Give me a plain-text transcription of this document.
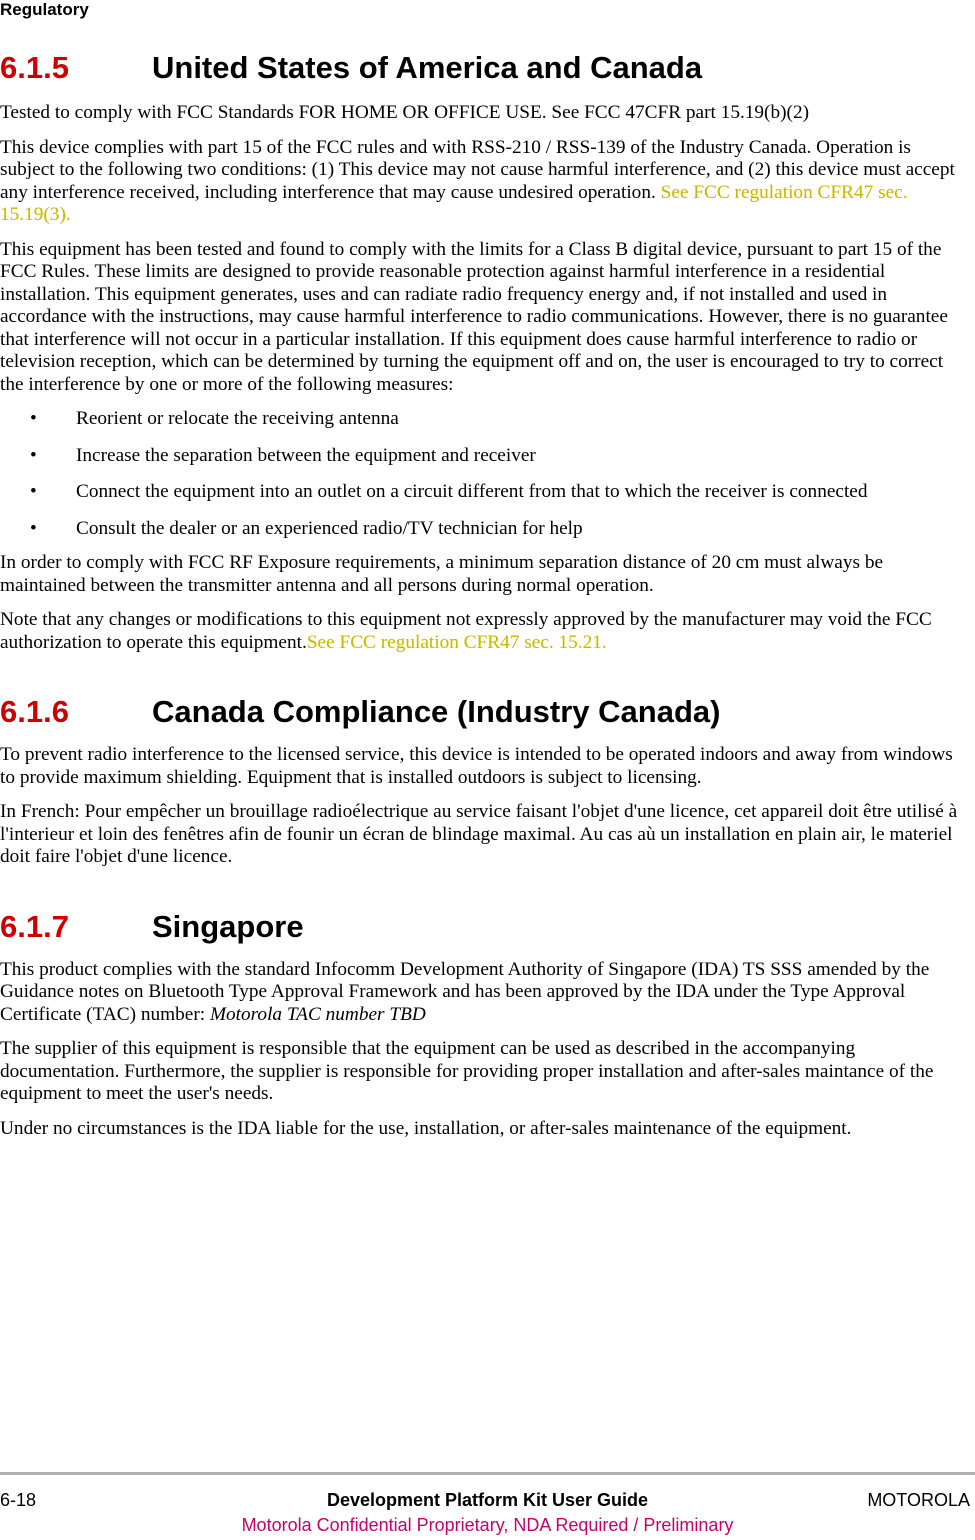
Regulatory
6.1.5	United States of America and Canada

Tested to comply with FCC Standards FOR HOME OR OFFICE USE. See FCC 47CFR part 15.19(b)(2)

This device complies with part 15 of the FCC rules and with RSS-210 / RSS-139 of the Industry Canada. Operation is subject to the following two conditions: (1) This device may not cause harmful interference, and (2) this device must accept any interference received, including interference that may cause undesired operation. See FCC regulation CFR47 sec. 15.19(3).

This equipment has been tested and found to comply with the limits for a Class B digital device, pursuant to part 15 of the FCC Rules. These limits are designed to provide reasonable protection against harmful interference in a residential installation. This equipment generates, uses and can radiate radio frequency energy and, if not installed and used in accordance with the instructions, may cause harmful interference to radio communications. However, there is no guarantee that interference will not occur in a particular installation. If this equipment does cause harmful interference to radio or television reception, which can be determined by turning the equipment off and on, the user is encouraged to try to correct the interference by one or more of the following measures:

• Reorient or relocate the receiving antenna
• Increase the separation between the equipment and receiver
• Connect the equipment into an outlet on a circuit different from that to which the receiver is connected
• Consult the dealer or an experienced radio/TV technician for help

In order to comply with FCC RF Exposure requirements, a minimum separation distance of 20 cm must always be maintained between the transmitter antenna and all persons during normal operation.

Note that any changes or modifications to this equipment not expressly approved by the manufacturer may void the FCC authorization to operate this equipment.See FCC regulation CFR47 sec. 15.21.

6.1.6	Canada Compliance (Industry Canada)

To prevent radio interference to the licensed service, this device is intended to be operated indoors and away from windows to provide maximum shielding. Equipment that is installed outdoors is subject to licensing.

In French: Pour empêcher un brouillage radioélectrique au service faisant l'objet d'une licence, cet appareil doit être utilisé à l'interieur et loin des fenêtres afin de founir un écran de blindage maximal. Au cas aù un installation en plain air, le materiel doit faire l'objet d'une licence.

6.1.7	Singapore

This product complies with the standard Infocomm Development Authority of Singapore (IDA) TS SSS amended by the Guidance notes on Bluetooth Type Approval Framework and has been approved by the IDA under the Type Approval Certificate (TAC) number: Motorola TAC number TBD

The supplier of this equipment is responsible that the equipment can be used as described in the accompanying documentation. Furthermore, the supplier is responsible for providing proper installation and after-sales maintance of the equipment to meet the user's needs.

Under no circumstances is the IDA liable for the use, installation, or after-sales maintenance of the equipment.

Development Platform Kit User Guide
6-18	MOTOROLA
Motorola Confidential Proprietary, NDA Required / Preliminary
